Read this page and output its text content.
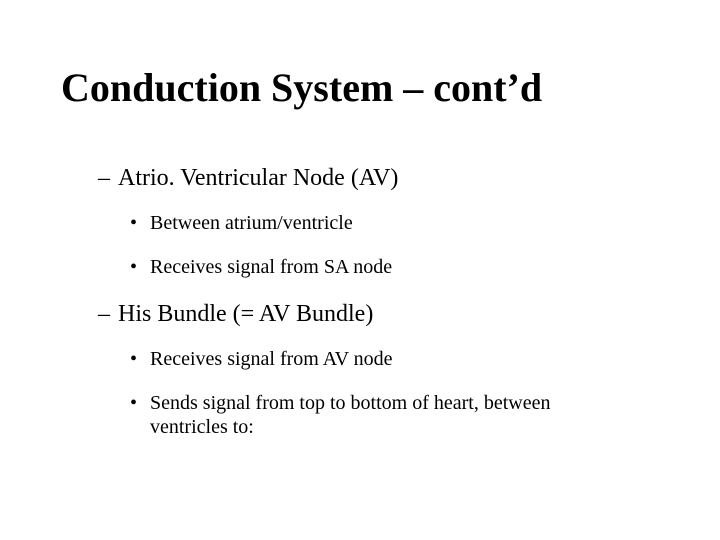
Conduction System – cont’d
– Atrio. Ventricular Node (AV)
• Between atrium/ventricle
• Receives signal from SA node
– His Bundle (= AV Bundle)
• Receives signal from AV node
• Sends signal from top to bottom of heart, between ventricles to:
